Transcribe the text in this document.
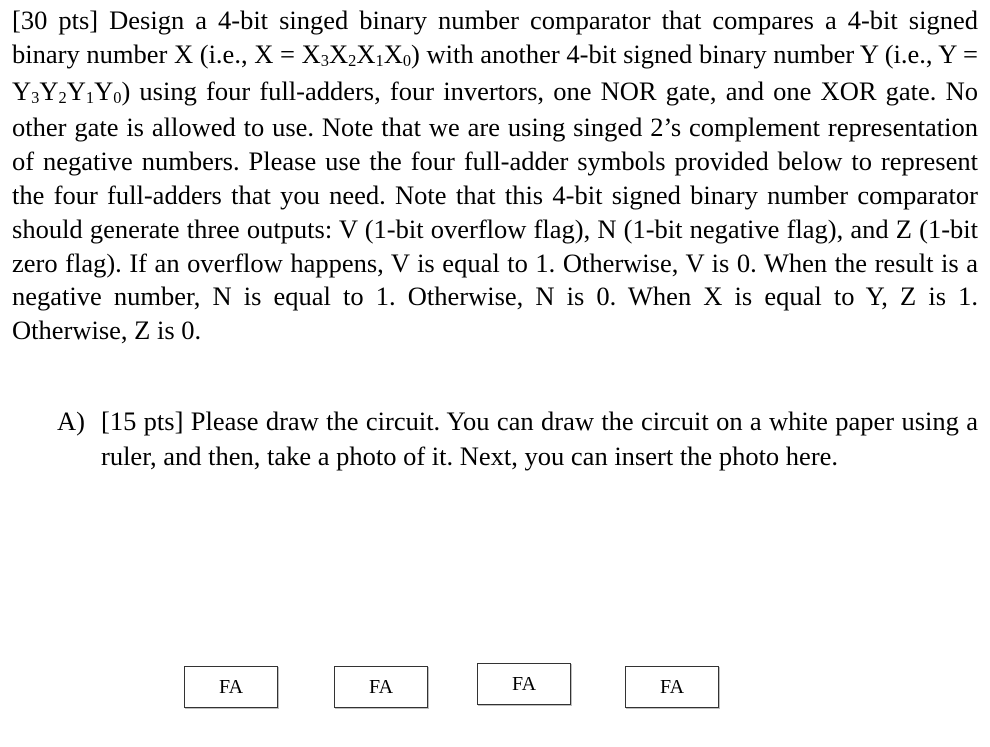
[30 pts] Design a 4-bit singed binary number comparator that compares a 4-bit signed binary number X (i.e., $X = X_3X_2X_1X_0$) with another 4-bit signed binary number Y (i.e., $Y = Y_3Y_2Y_1Y_0$) using four full-adders, four invertors, one NOR gate, and one XOR gate. No other gate is allowed to use. Note that we are using singed 2’s complement representation of negative numbers. Please use the four full-adder symbols provided below to represent the four full-adders that you need. Note that this 4-bit signed binary number comparator should generate three outputs: V (1-bit overflow flag), N (1-bit negative flag), and Z (1-bit zero flag). If an overflow happens, V is equal to 1. Otherwise, V is 0. When the result is a negative number, N is equal to 1. Otherwise, N is 0. When X is equal to Y, Z is 1. Otherwise, Z is 0.

A) [15 pts] Please draw the circuit. You can draw the circuit on a white paper using a ruler, and then, take a photo of it. Next, you can insert the photo here.
FA	FA	FA	FA
